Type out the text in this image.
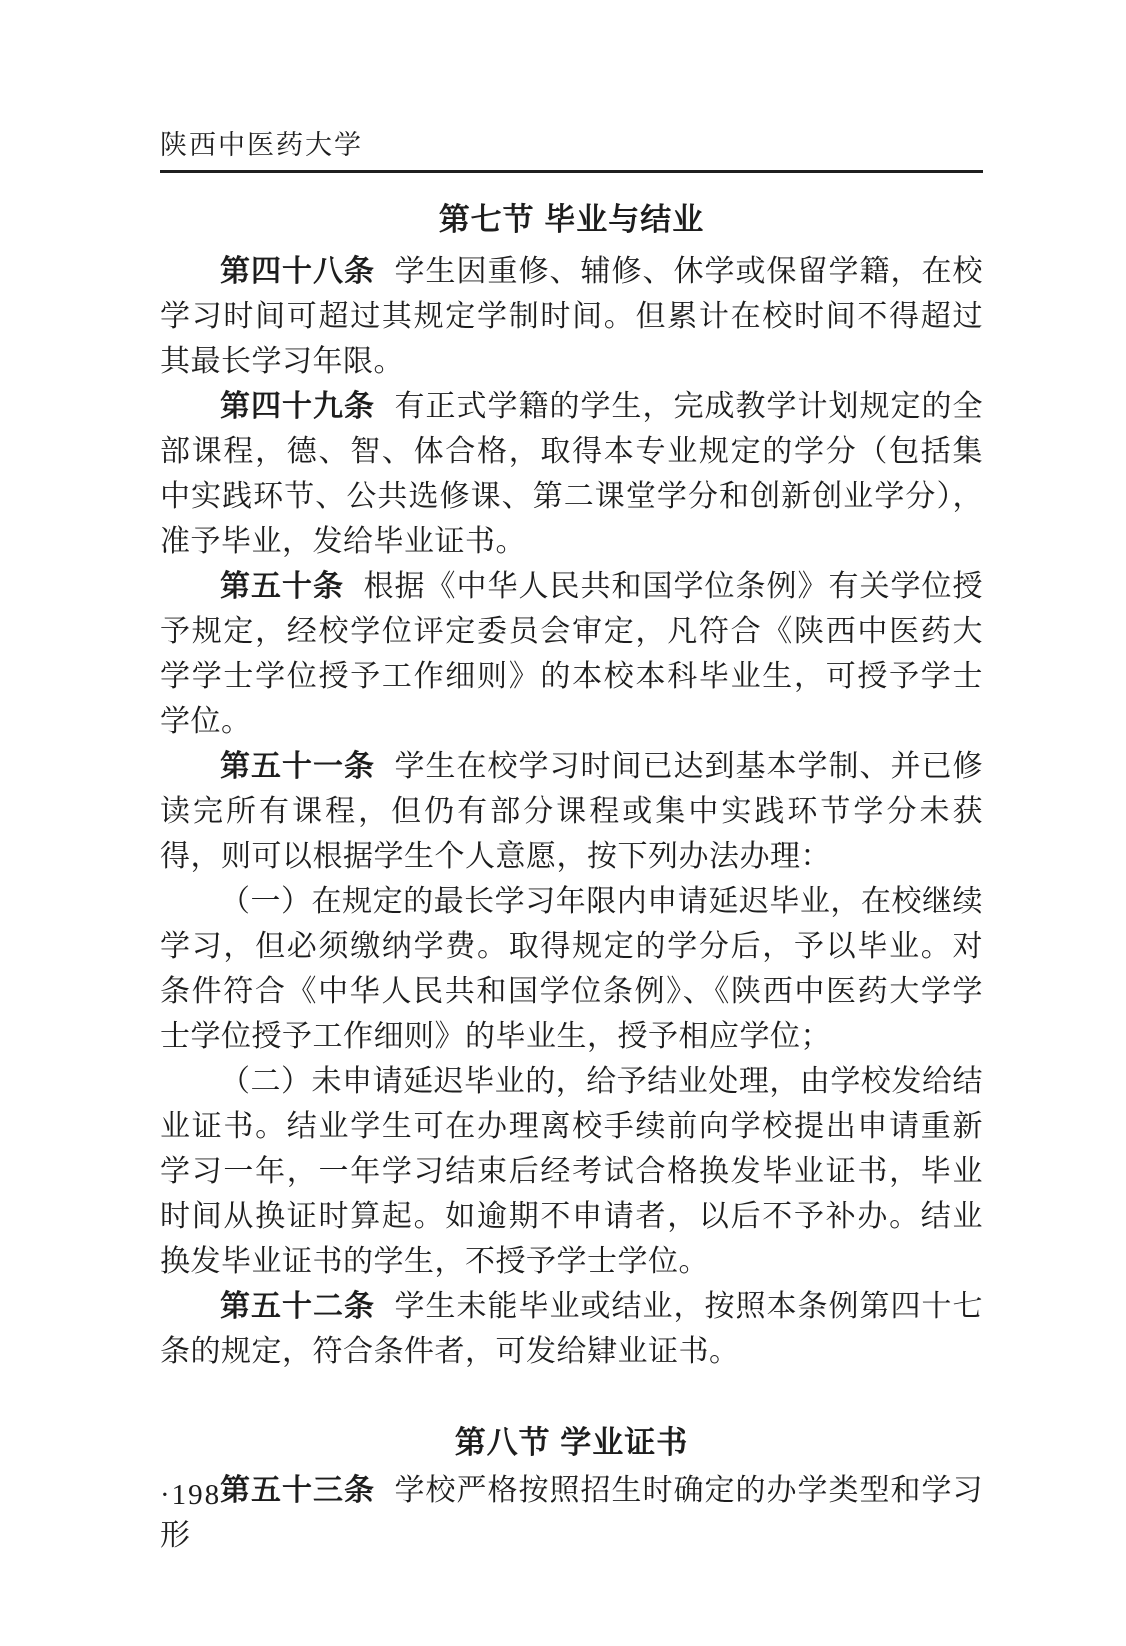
陕西中医药大学
第七节 毕业与结业

第四十八条 学生因重修、辅修、休学或保留学籍，在校学习时间可超过其规定学制时间。但累计在校时间不得超过其最长学习年限。

第四十九条 有正式学籍的学生，完成教学计划规定的全部课程，德、智、体合格，取得本专业规定的学分（包括集中实践环节、公共选修课、第二课堂学分和创新创业学分），准予毕业，发给毕业证书。

第五十条 根据《中华人民共和国学位条例》有关学位授予规定，经校学位评定委员会审定，凡符合《陕西中医药大学学士学位授予工作细则》的本校本科毕业生，可授予学士学位。

第五十一条 学生在校学习时间已达到基本学制、并已修读完所有课程，但仍有部分课程或集中实践环节学分未获得，则可以根据学生个人意愿，按下列办法办理：

（一）在规定的最长学习年限内申请延迟毕业，在校继续学习，但必须缴纳学费。取得规定的学分后，予以毕业。对条件符合《中华人民共和国学位条例》、《陕西中医药大学学士学位授予工作细则》的毕业生，授予相应学位；

（二）未申请延迟毕业的，给予结业处理，由学校发给结业证书。结业学生可在办理离校手续前向学校提出申请重新学习一年，一年学习结束后经考试合格换发毕业证书，毕业时间从换证时算起。如逾期不申请者，以后不予补办。结业换发毕业证书的学生，不授予学士学位。

第五十二条 学生未能毕业或结业，按照本条例第四十七条的规定，符合条件者，可发给肄业证书。

第八节 学业证书

第五十三条 学校严格按照招生时确定的办学类型和学习形

·198·
